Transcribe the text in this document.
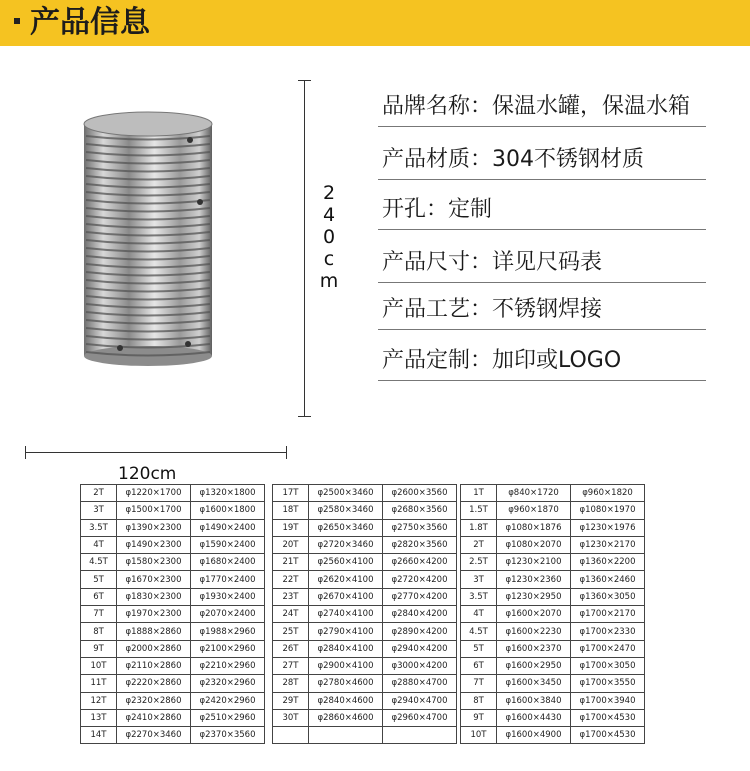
产品信息
240cm
120cm
品牌名称：保温水罐，保温水箱
产品材质：304不锈钢材质
开孔：定制
产品尺寸：详见尺码表
产品工艺：不锈钢焊接
产品定制：加印或LOGO
2T	φ1220×1700	φ1320×1800
3T	φ1500×1700	φ1600×1800
3.5T	φ1390×2300	φ1490×2400
4T	φ1490×2300	φ1590×2400
4.5T	φ1580×2300	φ1680×2400
5T	φ1670×2300	φ1770×2400
6T	φ1830×2300	φ1930×2400
7T	φ1970×2300	φ2070×2400
8T	φ1888×2860	φ1988×2960
9T	φ2000×2860	φ2100×2960
10T	φ2110×2860	φ2210×2960
11T	φ2220×2860	φ2320×2960
12T	φ2320×2860	φ2420×2960
13T	φ2410×2860	φ2510×2960
14T	φ2270×3460	φ2370×3560
17T	φ2500×3460	φ2600×3560
18T	φ2580×3460	φ2680×3560
19T	φ2650×3460	φ2750×3560
20T	φ2720×3460	φ2820×3560
21T	φ2560×4100	φ2660×4200
22T	φ2620×4100	φ2720×4200
23T	φ2670×4100	φ2770×4200
24T	φ2740×4100	φ2840×4200
25T	φ2790×4100	φ2890×4200
26T	φ2840×4100	φ2940×4200
27T	φ2900×4100	φ3000×4200
28T	φ2780×4600	φ2880×4700
29T	φ2840×4600	φ2940×4700
30T	φ2860×4600	φ2960×4700

1T	φ840×1720	φ960×1820
1.5T	φ960×1870	φ1080×1970
1.8T	φ1080×1876	φ1230×1976
2T	φ1080×2070	φ1230×2170
2.5T	φ1230×2100	φ1360×2200
3T	φ1230×2360	φ1360×2460
3.5T	φ1230×2950	φ1360×3050
4T	φ1600×2070	φ1700×2170
4.5T	φ1600×2230	φ1700×2330
5T	φ1600×2370	φ1700×2470
6T	φ1600×2950	φ1700×3050
7T	φ1600×3450	φ1700×3550
8T	φ1600×3840	φ1700×3940
9T	φ1600×4430	φ1700×4530
10T	φ1600×4900	φ1700×4530
